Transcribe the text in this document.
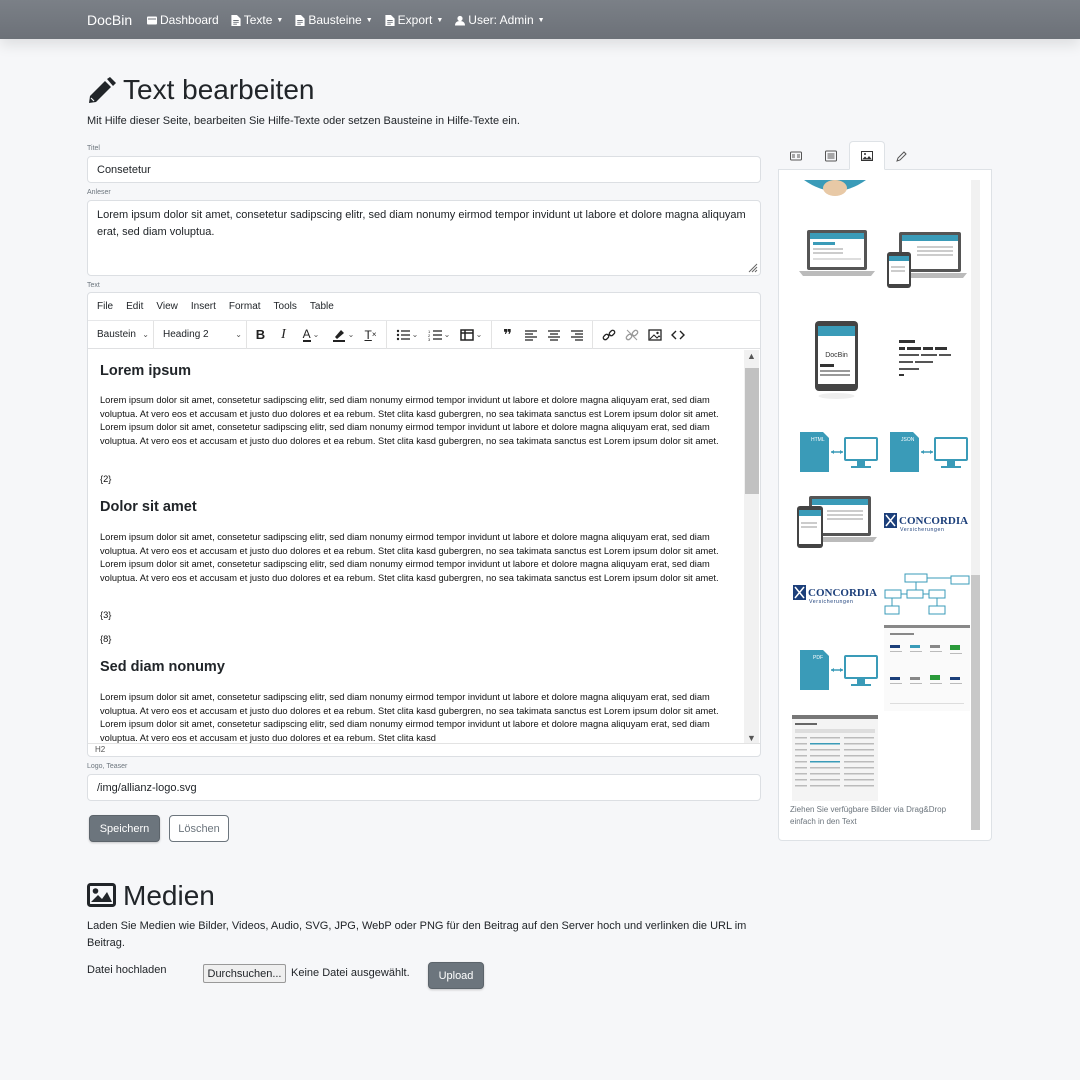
DocBin Dashboard Texte ▼ Bausteine ▼ Export ▼ User: Admin ▼
Text bearbeiten
Mit Hilfe dieser Seite, bearbeiten Sie Hilfe-Texte oder setzen Bausteine in Hilfe-Texte ein.
Titel
Consetetur
Anleser
Lorem ipsum dolor sit amet, consetetur sadipscing elitr, sed diam nonumy eirmod tempor invidunt ut labore et dolore magna aliquyam erat, sed diam voluptua.
Text
File Edit View Insert Format Tools Table
Baustein ⌄ Heading 2	⌄	B	I	A ⌄	⌄ T ×	⌄ 1
2
3 ⌄	⌄	❞
Lorem ipsum

Lorem ipsum dolor sit amet, consetetur sadipscing elitr, sed diam nonumy eirmod tempor invidunt ut labore et dolore magna aliquyam erat, sed diam voluptua. At vero eos et accusam et justo duo dolores et ea rebum. Stet clita kasd gubergren, no sea takimata sanctus est Lorem ipsum dolor sit amet. Lorem ipsum dolor sit amet, consetetur sadipscing elitr, sed diam nonumy eirmod tempor invidunt ut labore et dolore magna aliquyam erat, sed diam voluptua. At vero eos et accusam et justo duo dolores et ea rebum. Stet clita kasd gubergren, no sea takimata sanctus est Lorem ipsum dolor sit amet.

{2}

Dolor sit amet

Lorem ipsum dolor sit amet, consetetur sadipscing elitr, sed diam nonumy eirmod tempor invidunt ut labore et dolore magna aliquyam erat, sed diam voluptua. At vero eos et accusam et justo duo dolores et ea rebum. Stet clita kasd gubergren, no sea takimata sanctus est Lorem ipsum dolor sit amet. Lorem ipsum dolor sit amet, consetetur sadipscing elitr, sed diam nonumy eirmod tempor invidunt ut labore et dolore magna aliquyam erat, sed diam voluptua. At vero eos et accusam et justo duo dolores et ea rebum. Stet clita kasd gubergren, no sea takimata sanctus est Lorem ipsum dolor sit amet.

{3}

{8}

Sed diam nonumy

Lorem ipsum dolor sit amet, consetetur sadipscing elitr, sed diam nonumy eirmod tempor invidunt ut labore et dolore magna aliquyam erat, sed diam voluptua. At vero eos et accusam et justo duo dolores et ea rebum. Stet clita kasd gubergren, no sea takimata sanctus est Lorem ipsum dolor sit amet. Lorem ipsum dolor sit amet, consetetur sadipscing elitr, sed diam nonumy eirmod tempor invidunt ut labore et dolore magna aliquyam erat, sed diam voluptua. At vero eos et accusam et justo duo dolores et ea rebum. Stet clita kasd

▲
▼
H2
Logo, Teaser
/img/allianz-logo.svg
Speichern	Löschen
DocBin
HTML	JSON
CONCORDIA
Versicherungen
CONCORDIA
Versicherungen
PDF
Ziehen Sie verfügbare Bilder via Drag&Drop einfach in den Text
Medien
Laden Sie Medien wie Bilder, Videos, Audio, SVG, JPG, WebP oder PNG für den Beitrag auf den Server hoch und verlinken die URL im Beitrag.
Datei hochladen	Durchsuchen... Keine Datei ausgewählt.	Upload
